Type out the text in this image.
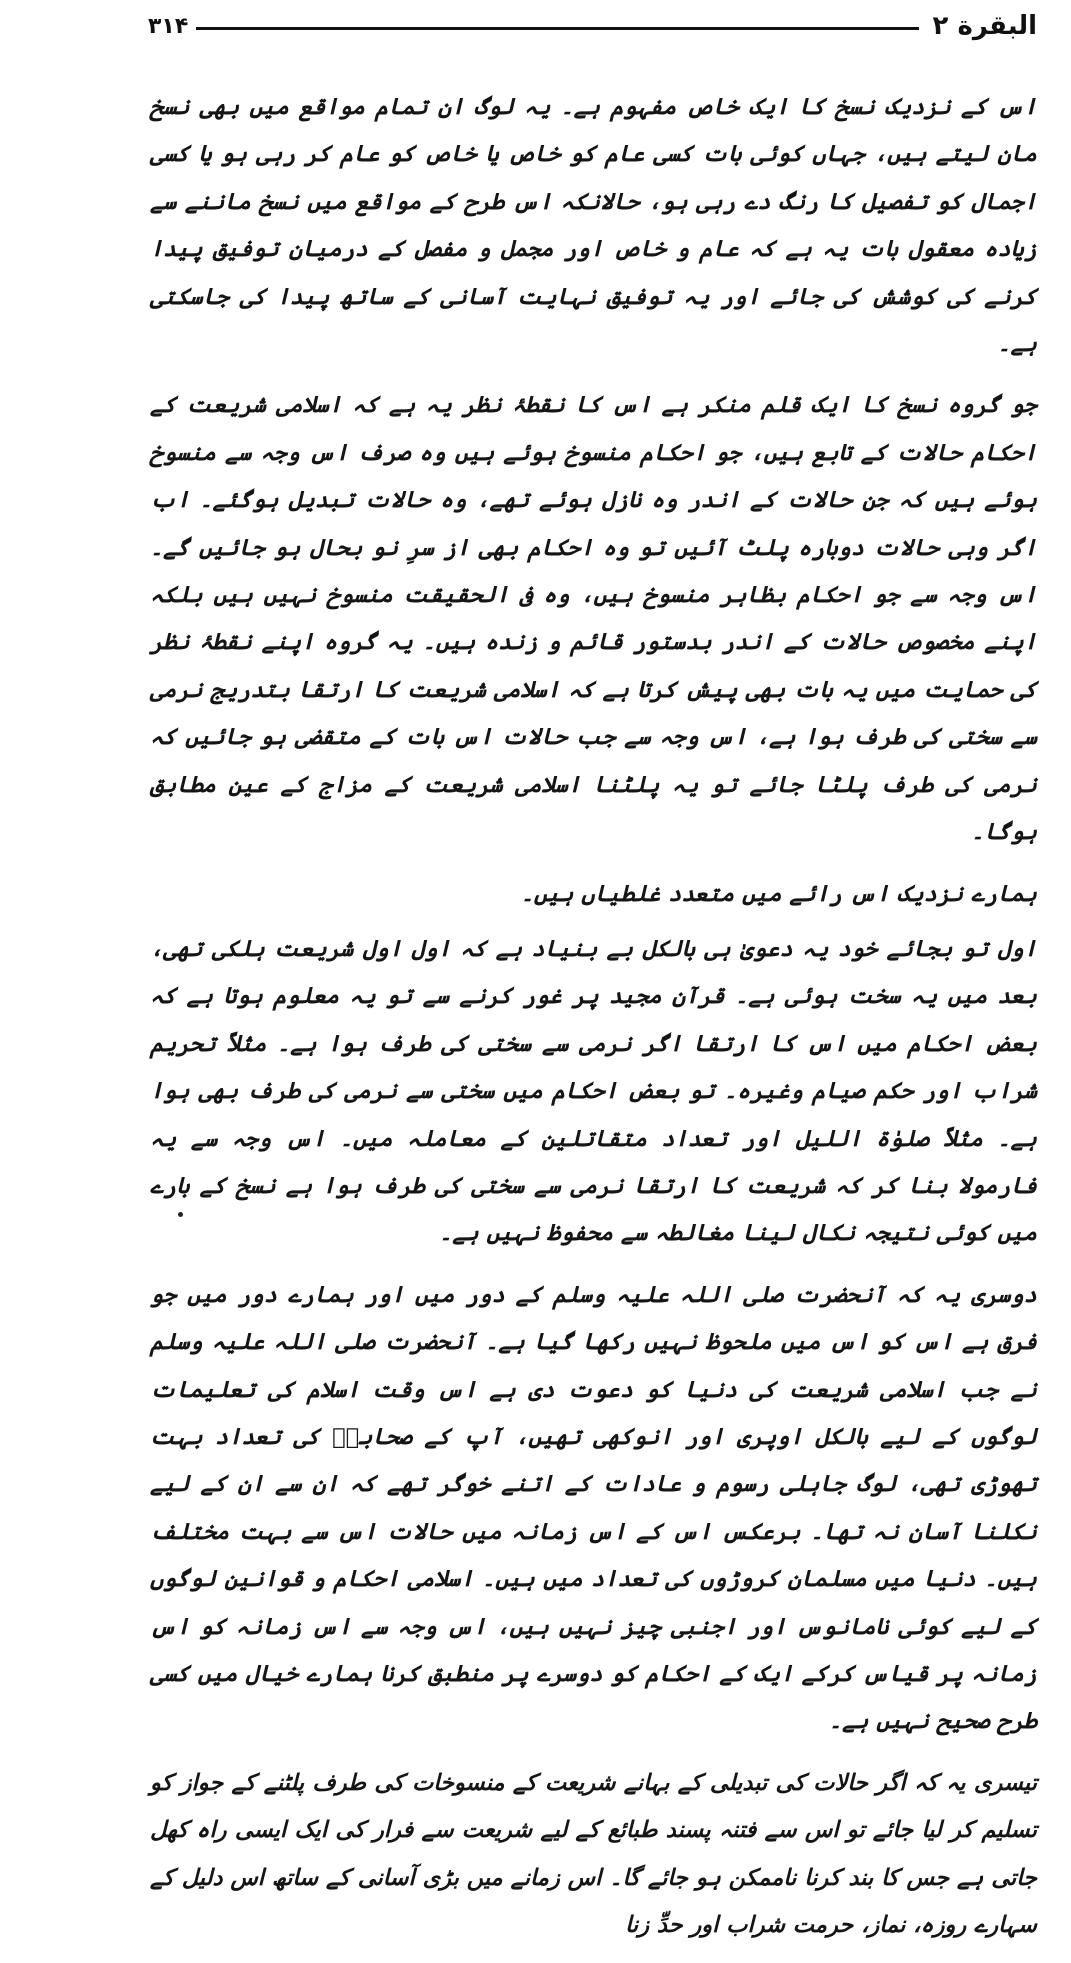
البقرة ۲
۳۱۴

اس کے نزدیک نسخ کا ایک خاص مفہوم ہے۔ یہ لوگ ان تمام مواقع میں بھی نسخ مان لیتے ہیں، جہاں کوئی بات کسی عام کو خاص یا خاص کو عام کر رہی ہو یا کسی اجمال کو تفصیل کا رنگ دے رہی ہو، حالانکہ اس طرح کے مواقع میں نسخ ماننے سے زیادہ معقول بات یہ ہے کہ عام و خاص اور مجمل و مفصل کے درمیان توفیق پیدا کرنے کی کوشش کی جائے اور یہ توفیق نہایت آسانی کے ساتھ پیدا کی جاسکتی ہے۔

جو گروہ نسخ کا ایک قلم منکر ہے اس کا نقطۂ نظر یہ ہے کہ اسلامی شریعت کے احکام حالات کے تابع ہیں، جو احکام منسوخ ہوئے ہیں وہ صرف اس وجہ سے منسوخ ہوئے ہیں کہ جن حالات کے اندر وہ نازل ہوئے تھے، وہ حالات تبدیل ہوگئے۔ اب اگر وہی حالات دوبارہ پلٹ آئیں تو وہ احکام بھی از سرِ نو بحال ہو جائیں گے۔ اس وجہ سے جو احکام بظاہر منسوخ ہیں، وہ فی الحقیقت منسوخ نہیں ہیں بلکہ اپنے مخصوص حالات کے اندر بدستور قائم و زندہ ہیں۔ یہ گروہ اپنے نقطۂ نظر کی حمایت میں یہ بات بھی پیش کرتا ہے کہ اسلامی شریعت کا ارتقا بتدریج نرمی سے سختی کی طرف ہوا ہے، اس وجہ سے جب حالات اس بات کے متقضی ہو جائیں کہ نرمی کی طرف پلٹا جائے تو یہ پلٹنا اسلامی شریعت کے مزاج کے عین مطابق ہوگا۔

ہمارے نزدیک اس رائے میں متعدد غلطیاں ہیں۔

اول تو بجائے خود یہ دعویٰ ہی بالکل بے بنیاد ہے کہ اول اول شریعت ہلکی تھی، بعد میں یہ سخت ہوئی ہے۔ قرآن مجید پر غور کرنے سے تو یہ معلوم ہوتا ہے کہ بعض احکام میں اس کا ارتقا اگر نرمی سے سختی کی طرف ہوا ہے۔ مثلاً تحریم شراب اور حکم صیام وغیرہ۔ تو بعض احکام میں سختی سے نرمی کی طرف بھی ہوا ہے۔ مثلاً صلوٰۃ اللیل اور تعداد متقاتلین کے معاملہ میں۔ اس وجہ سے یہ فارمولا بنا کر کہ شریعت کا ارتقا نرمی سے سختی کی طرف ہوا ہے نسخ کے بارے میں کوئی نتیجہ نکال لینا مغالطہ سے محفوظ نہیں ہے۔

دوسری یہ کہ آنحضرت صلی اللہ علیہ وسلم کے دور میں اور ہمارے دور میں جو فرق ہے اس کو اس میں ملحوظ نہیں رکھا گیا ہے۔ آنحضرت صلی اللہ علیہ وسلم نے جب اسلامی شریعت کی دنیا کو دعوت دی ہے اس وقت اسلام کی تعلیمات لوگوں کے لیے بالکل اوپری اور انوکھی تھیں، آپ کے صحابہؓ کی تعداد بہت تھوڑی تھی، لوگ جاہلی رسوم و عادات کے اتنے خوگر تھے کہ ان سے ان کے لیے نکلنا آسان نہ تھا۔ برعکس اس کے اس زمانہ میں حالات اس سے بہت مختلف ہیں۔ دنیا میں مسلمان کروڑوں کی تعداد میں ہیں۔ اسلامی احکام و قوانین لوگوں کے لیے کوئی نامانوس اور اجنبی چیز نہیں ہیں، اس وجہ سے اس زمانہ کو اس زمانہ پر قیاس کرکے ایک کے احکام کو دوسرے پر منطبق کرنا ہمارے خیال میں کسی طرح صحیح نہیں ہے۔

تیسری یہ کہ اگر حالات کی تبدیلی کے بہانے شریعت کے منسوخات کی طرف پلٹنے کے جواز کو تسلیم کر لیا جائے تو اس سے فتنہ پسند طبائع کے لیے شریعت سے فرار کی ایک ایسی راہ کھل جاتی ہے جس کا بند کرنا ناممکن ہو جائے گا۔ اس زمانے میں بڑی آسانی کے ساتھ اس دلیل کے سہارے روزہ، نماز، حرمت شراب اور حدِّ زنا
